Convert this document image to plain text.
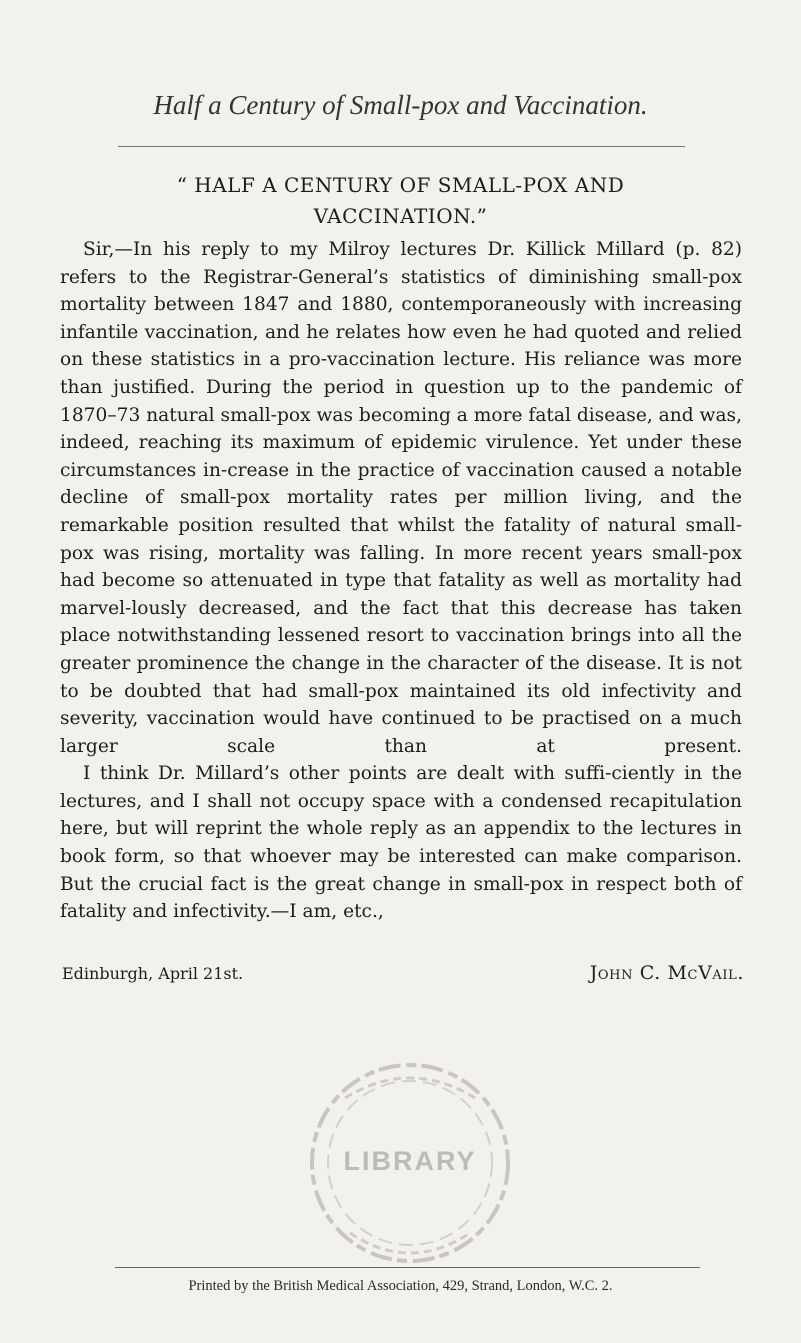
Half a Century of Small-pox and Vaccination.
“ HALF A CENTURY OF SMALL-POX AND
VACCINATION.”

Sir,—In his reply to my Milroy lectures Dr. Killick Millard (p. 82) refers to the Registrar-General’s statistics of diminishing small-pox mortality between 1847 and 1880, contemporaneously with increasing infantile vaccination, and he relates how even he had quoted and relied on these statistics in a pro-vaccination lecture. His reliance was more than justified. During the period in question up to the pandemic of 1870–73 natural small-pox was becoming a more fatal disease, and was, indeed, reaching its maximum of epidemic virulence. Yet under these circumstances in-crease in the practice of vaccination caused a notable decline of small-pox mortality rates per million living, and the remarkable position resulted that whilst the fatality of natural small-pox was rising, mortality was falling. In more recent years small-pox had become so attenuated in type that fatality as well as mortality had marvel-lously decreased, and the fact that this decrease has taken place notwithstanding lessened resort to vaccination brings into all the greater prominence the change in the character of the disease. It is not to be doubted that had small-pox maintained its old infectivity and severity, vaccination would have continued to be practised on a much larger scale than at present.

I think Dr. Millard’s other points are dealt with suffi-ciently in the lectures, and I shall not occupy space with a condensed recapitulation here, but will reprint the whole reply as an appendix to the lectures in book form, so that whoever may be interested can make comparison. But the crucial fact is the great change in small-pox in respect both of fatality and infectivity.—I am, etc.,

Edinburgh, April 21st.	John C. McVail.
LIBRARY
Printed by the British Medical Association, 429, Strand, London, W.C. 2.
